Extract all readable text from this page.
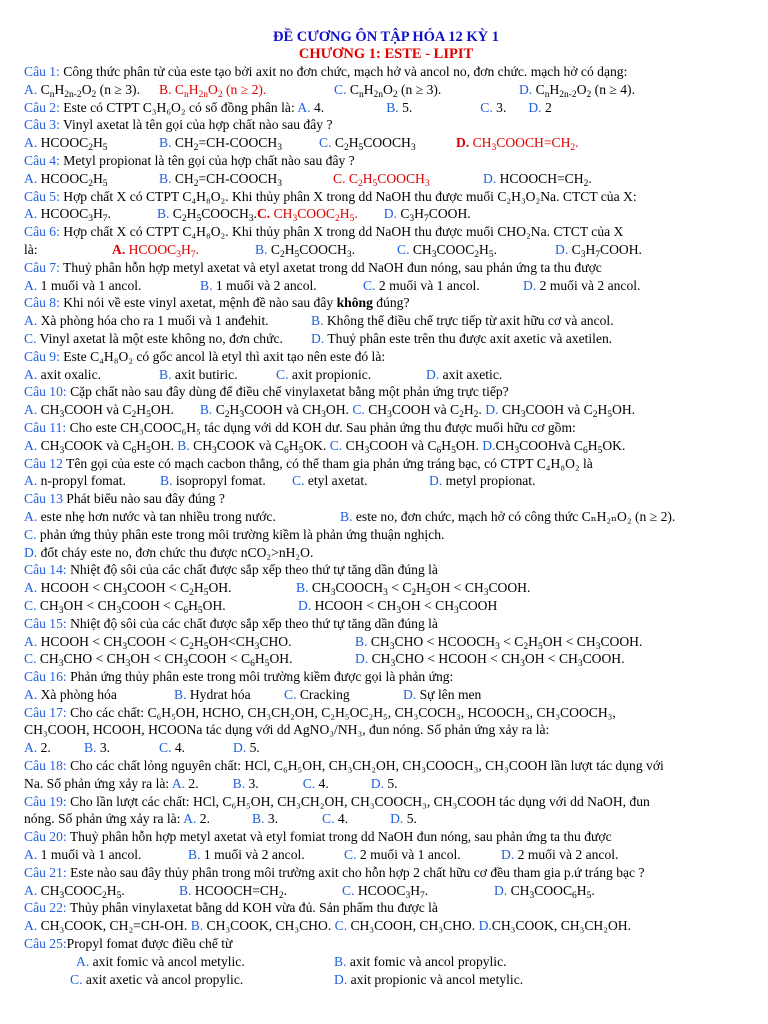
ĐỀ CƯƠNG ÔN TẬP HÓA 12 KỲ 1
CHƯƠNG 1: ESTE - LIPIT
Câu 1: Công thức phân tử của este tạo bởi axit no đơn chức, mạch hở và ancol no, đơn chức. mạch hở có dạng:
A. $C_nH_{2n-2}O_2$ (n ≥ 3).	B. $C_nH_{2n}O_2$ (n ≥ 2).	C. $C_nH_{2n}O_2$ (n ≥ 3).	D. $C_nH_{2n-2}O_2$ (n ≥ 4).
Câu 2: Este có CTPT C₃H₆O₂ có số đồng phân là: A. 4.	B. 5.	C. 3. D. 2
Câu 3: Vinyl axetat là tên gọi của hợp chất nào sau đây ?
A. $HCOOC_2H_5$	B. $CH_2=CH-COOCH_3$	C. $C_2H_5COOCH_3$	D. $CH_3COOCH=CH_2$.
Câu 4: Metyl propionat là tên gọi của hợp chất nào sau đây ?
A. $HCOOC_2H_5$	B. $CH_2=CH-COOCH_3$	C. $C_2H_5COOCH_3$	D. $HCOOCH=CH_2$.
Câu 5: Hợp chất X có CTPT C₄H₈O₂. Khi thủy phân X trong dd NaOH thu được muối C₂H₃O₂Na. CTCT của X:
A. $HCOOC_3H_7$.	B. $C_2H_5COOCH_3.C$. $CH_3COOC_2H_5$. D. $C_3H_7COOH$.
Câu 6: Hợp chất X có CTPT C₄H₈O₂. Khi thủy phân X trong dd NaOH thu được muối CHO₂Na. CTCT của X
là:	A. $HCOOC_3H_7$.	B. $C_2H_5COOCH_3$.	C. $CH_3COOC_2H_5$.	D. $C_3H_7COOH$.
Câu 7: Thuỷ phân hỗn hợp metyl axetat và etyl axetat trong dd NaOH đun nóng, sau phản ứng ta thu được
A. 1 muối và 1 ancol.	B. 1 muối và 2 ancol.	C. 2 muối và 1 ancol.	D. 2 muối và 2 ancol.
Câu 8: Khi nói về este vinyl axetat, mệnh đề nào sau đây không đúng?
A. Xà phòng hóa cho ra 1 muối và 1 anđehit.	B. Không thể điều chế trực tiếp từ axit hữu cơ và ancol.
C. Vinyl axetat là một este không no, đơn chức.	D. Thuỷ phân este trên thu được axit axetic và axetilen.
Câu 9: Este C₄H₈O₂ có gốc ancol là etyl thì axit tạo nên este đó là:
A. axit oxalic.	B. axit butiric.	C. axit propionic.	D. axit axetic.
Câu 10: Cặp chất nào sau đây dùng để điều chế vinylaxetat bằng một phản ứng trực tiếp?
A. $CH_3COOH$ và $C_2H_5OH$. B. $C_2H_3COOH$ và $CH_3OH$. C. $CH_3COOH$ và $C_2H_2$. D. $CH_3COOH$ và $C_2H_5OH$.
Câu 11: Cho este CH₃COOC₆H₅ tác dụng với dd KOH dư. Sau phản ứng thu được muối hữu cơ gồm:
A. $CH_3COOK$ và $C_6H_5OH$. B. $CH_3COOK$ và $C_6H_5OK$. C. $CH_3COOH$ và $C_6H_5OH$. $D.CH_3COOHvà$ $C_6H_5OK$.
Câu 12 Tên gọi của este có mạch cacbon thẳng, có thể tham gia phản ứng tráng bạc, có CTPT C₄H₈O₂ là
A. n-propyl fomat.	B. isopropyl fomat.	C. etyl axetat.	D. metyl propionat.
Câu 13 Phát biểu nào sau đây đúng ?
A. este nhẹ hơn nước và tan nhiều trong nước.	B. este no, đơn chức, mạch hở có công thức CₙH₂ₙO₂ (n ≥ 2).
C. phản ứng thủy phân este trong môi trường kiềm là phản ứng thuận nghịch.
D. đốt cháy este no, đơn chức thu được nCO₂>nH₂O.
Câu 14: Nhiệt độ sôi của các chất được sắp xếp theo thứ tự tăng dần đúng là
A. HCOOH < $CH_3COOH < C_2H_5OH$.	B. $CH_3COOCH_3 < C_2H_5OH$ < $CH_3COOH$.
C. $CH_3OH$ < $CH_3COOH < C_6H_5OH$.	D. HCOOH < $CH_3OH$ < $CH_3COOH$
Câu 15: Nhiệt độ sôi của các chất được sắp xếp theo thứ tự tăng dần đúng là
A. HCOOH < $CH_3COOH < C_2H_5OH<CH_3CHO$.	B. $CH_3CHO$ < $HCOOCH_3 < C_2H_5OH$ < $CH_3COOH$.
C. $CH_3CHO < CH_3OH$ < $CH_3COOH < C_6H_5OH$.	D. $CH_3CHO$ < HCOOH < $CH_3OH$ < $CH_3COOH$.
Câu 16: Phản ứng thủy phân este trong môi trường kiềm được gọi là phản ứng:
A. Xà phòng hóa	B. Hydrat hóa	C. Cracking	D. Sự lên men
Câu 17: Cho các chất: C₆H₅OH, HCHO, CH₃CH₂OH, C₂H₅OC₂H₅, CH₃COCH₃, HCOOCH₃, CH₃COOCH₃,
CH₃COOH, HCOOH, HCOONa tác dụng với dd AgNO₃/NH₃, đun nóng. Số phản ứng xảy ra là:
A. 2.	B. 3.	C. 4.	D. 5.
Câu 18: Cho các chất lỏng nguyên chất: HCl, C₆H₅OH, CH₃CH₂OH, CH₃COOCH₃, CH₃COOH lần lượt tác dụng với
Na. Số phản ứng xảy ra là: A. 2.	B. 3.	C. 4.	D. 5.
Câu 19: Cho lần lượt các chất: HCl, C₆H₅OH, CH₃CH₂OH, CH₃COOCH₃, CH₃COOH tác dụng với dd NaOH, đun
nóng. Số phản ứng xảy ra là: A. 2.	B. 3.	C. 4.	D. 5.
Câu 20: Thuỷ phân hỗn hợp metyl axetat và etyl fomiat trong dd NaOH đun nóng, sau phản ứng ta thu được
A. 1 muối và 1 ancol.	B. 1 muối và 2 ancol.	C. 2 muối và 1 ancol.	D. 2 muối và 2 ancol.
Câu 21: Este nào sau đây thủy phân trong môi trường axit cho hỗn hợp 2 chất hữu cơ đều tham gia p.ứ tráng bạc ?
A. $CH_3COOC_2H_5$.	B. $HCOOCH=CH_2$.	C. $HCOOC_3H_7$.	D. $CH_3COOC_6H_5$.
Câu 22: Thủy phân vinylaxetat bằng dd KOH vừa đủ. Sản phẩm thu được là
A. CH₃COOK, CH₂=CH-OH. B. CH₃COOK, CH₃CHO. C. CH₃COOH, CH₃CHO. D.CH₃COOK, CH₃CH₂OH.
Câu 25:Propyl fomat được điều chế từ
A. axit fomic và ancol metylic.	B. axit fomic và ancol propylic.
C. axit axetic và ancol propylic.	D. axit propionic và ancol metylic.
